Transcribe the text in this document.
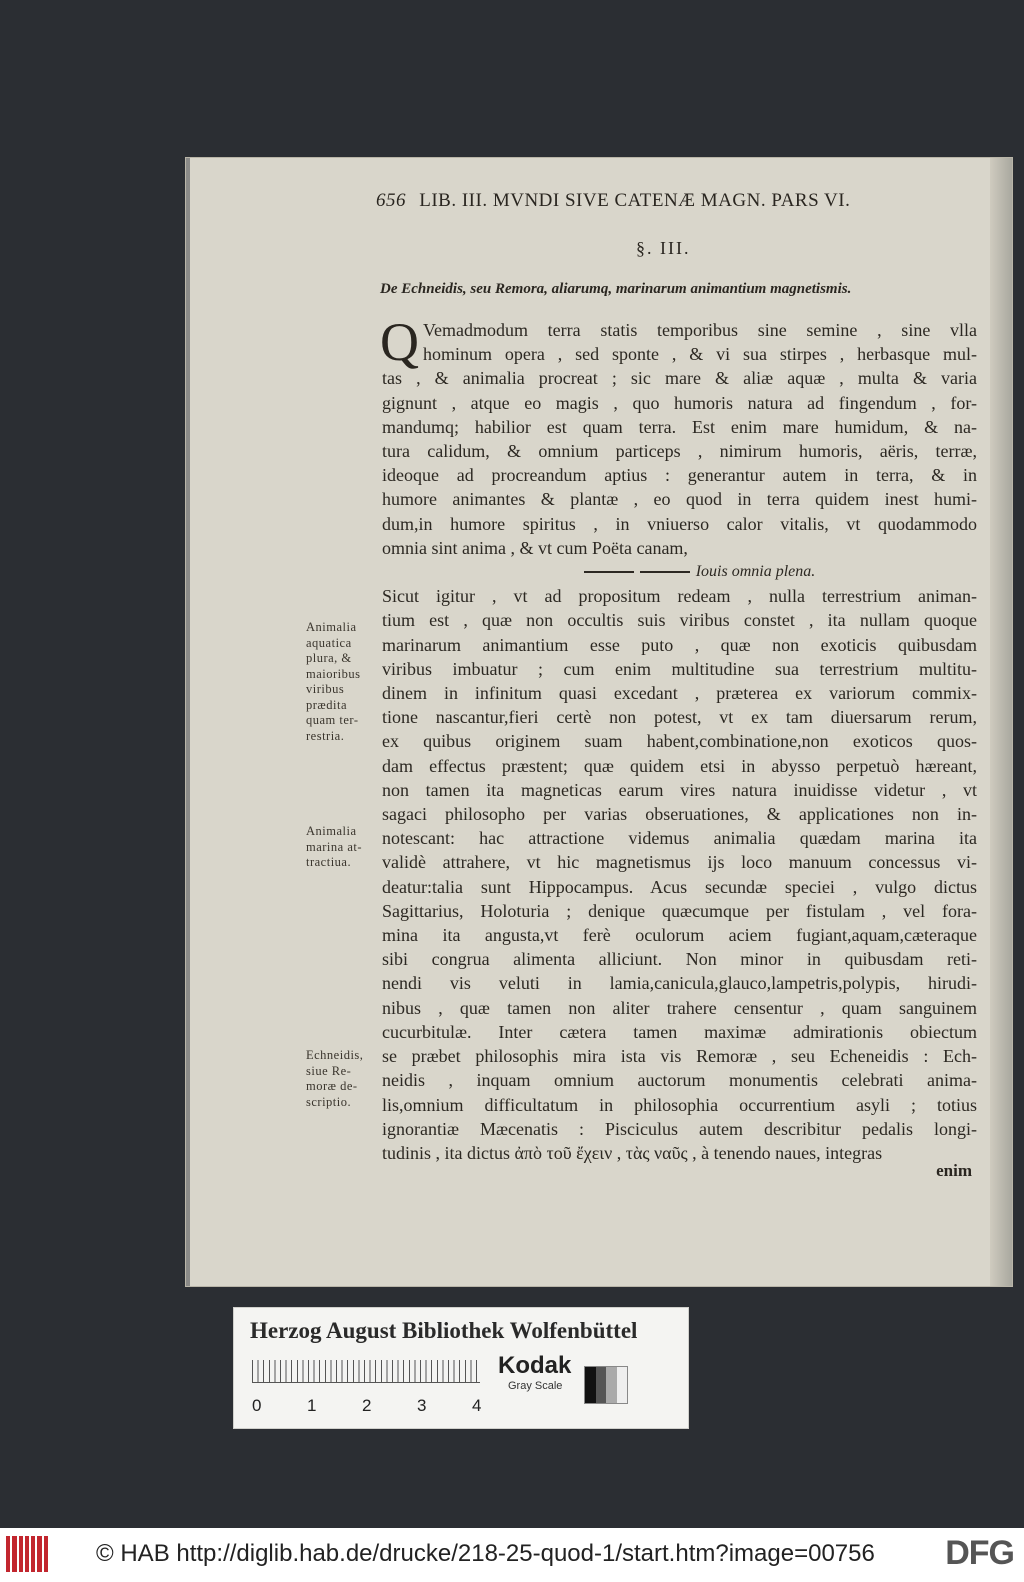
656 LIB. III. MVNDI SIVE CATENÆ MAGN. PARS VI.
§. III.
De Echneidis, seu Remora, aliarumq, marinarum animantium magnetismis.
Q Vemadmodum terra statis temporibus sine semine , sine vlla
hominum opera , sed sponte , & vi sua stirpes , herbasque mul-
tas , & animalia procreat ; sic mare & aliæ aquæ , multa & varia
gignunt , atque eo magis , quo humoris natura ad fingendum , for-
mandumq; habilior est quam terra. Est enim mare humidum, & na-
tura calidum, & omnium particeps , nimirum humoris, aëris, terræ,
ideoque ad procreandum aptius : generantur autem in terra, & in
humore animantes & plantæ , eo quod in terra quidem inest humi-
dum,in humore spiritus , in vniuerso calor vitalis, vt quodammodo
omnia sint anima , & vt cum Poëta canam,
Iouis omnia plena.
Sicut igitur , vt ad propositum redeam , nulla terrestrium animan-
tium est , quæ non occultis suis viribus constet , ita nullam quoque
marinarum animantium esse puto , quæ non exoticis quibusdam
viribus imbuatur ; cum enim multitudine sua terrestrium multitu-
dinem in infinitum quasi excedant , præterea ex variorum commix-
tione nascantur,fieri certè non potest, vt ex tam diuersarum rerum,
ex quibus originem suam habent,combinatione,non exoticos quos-
dam effectus præstent; quæ quidem etsi in abysso perpetuò hæreant,
non tamen ita magneticas earum vires natura inuidisse videtur , vt
sagaci philosopho per varias obseruationes, & applicationes non in-
notescant: hac attractione videmus animalia quædam marina ita
validè attrahere, vt hic magnetismus ijs loco manuum concessus vi-
deatur:talia sunt Hippocampus. Acus secundæ speciei , vulgo dictus
Sagittarius, Holoturia ; denique quæcumque per fistulam , vel fora-
mina ita angusta,vt ferè oculorum aciem fugiant,aquam,cæteraque
sibi congrua alimenta alliciunt. Non minor in quibusdam reti-
nendi vis veluti in lamia,canicula,glauco,lampetris,polypis, hirudi-
nibus , quæ tamen non aliter trahere censentur , quam sanguinem
cucurbitulæ. Inter cætera tamen maximæ admirationis obiectum
se præbet philosophis mira ista vis Remoræ , seu Echeneidis : Ech-
neidis , inquam omnium auctorum monumentis celebrati anima-
lis,omnium difficultatum in philosophia occurrentium asyli ; totius
ignorantiæ Mæcenatis : Pisciculus autem describitur pedalis longi-
tudinis , ita dictus ἀπὸ τοῦ ἔχειν , τὰς ναῦς , à tenendo naues, integras
Animalia
aquatica
plura, &
maioribus
viribus
prædita
quam ter-
restria.
Animalia
marina at-
tractiua.
Echneidis,
siue Re-
moræ de-
scriptio.
enim
Herzog August Bibliothek Wolfenbüttel
0	1	2	3	4
Kodak
Gray Scale
© HAB http://diglib.hab.de/drucke/218-25-quod-1/start.htm?image=00756 DFG
